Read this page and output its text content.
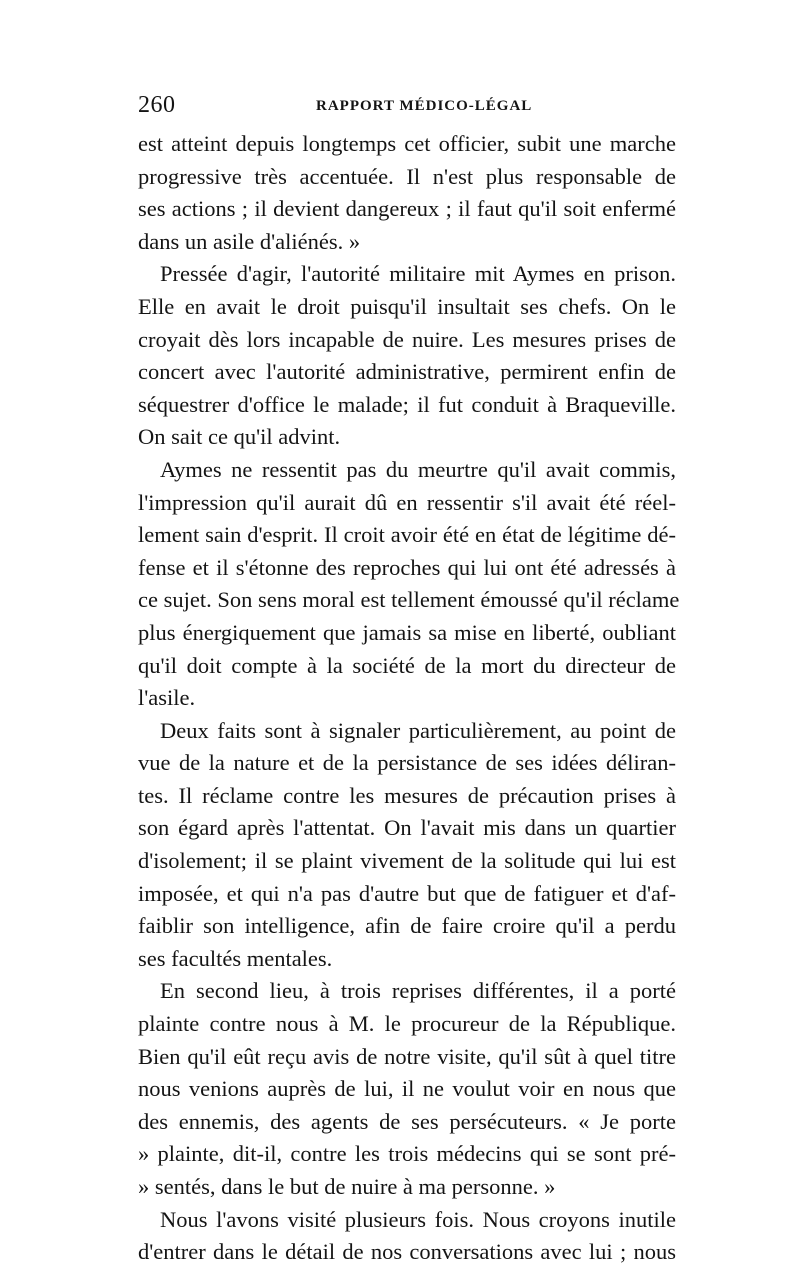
260	RAPPORT MÉDICO-LÉGAL
est atteint depuis longtemps cet officier, subit une marche
progressive très accentuée. Il n'est plus responsable de
ses actions ; il devient dangereux ; il faut qu'il soit enfermé
dans un asile d'aliénés. »
Pressée d'agir, l'autorité militaire mit Aymes en prison.
Elle en avait le droit puisqu'il insultait ses chefs. On le
croyait dès lors incapable de nuire. Les mesures prises de
concert avec l'autorité administrative, permirent enfin de
séquestrer d'office le malade; il fut conduit à Braqueville.
On sait ce qu'il advint.
Aymes ne ressentit pas du meurtre qu'il avait commis,
l'impression qu'il aurait dû en ressentir s'il avait été réel-
lement sain d'esprit. Il croit avoir été en état de légitime dé-
fense et il s'étonne des reproches qui lui ont été adressés à
ce sujet. Son sens moral est tellement émoussé qu'il réclame
plus énergiquement que jamais sa mise en liberté, oubliant
qu'il doit compte à la société de la mort du directeur de
l'asile.
Deux faits sont à signaler particulièrement, au point de
vue de la nature et de la persistance de ses idées déliran-
tes. Il réclame contre les mesures de précaution prises à
son égard après l'attentat. On l'avait mis dans un quartier
d'isolement; il se plaint vivement de la solitude qui lui est
imposée, et qui n'a pas d'autre but que de fatiguer et d'af-
faiblir son intelligence, afin de faire croire qu'il a perdu
ses facultés mentales.
En second lieu, à trois reprises différentes, il a porté
plainte contre nous à M. le procureur de la République.
Bien qu'il eût reçu avis de notre visite, qu'il sût à quel titre
nous venions auprès de lui, il ne voulut voir en nous que
des ennemis, des agents de ses persécuteurs. « Je porte
» plainte, dit-il, contre les trois médecins qui se sont pré-
» sentés, dans le but de nuire à ma personne. »
Nous l'avons visité plusieurs fois. Nous croyons inutile
d'entrer dans le détail de nos conversations avec lui ; nous
